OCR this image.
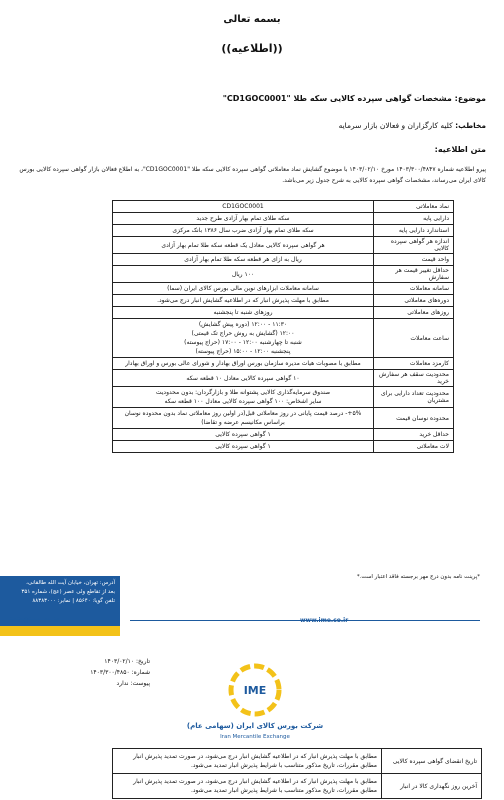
بسمه تعالی
((اطلاعیه))
موضوع: مشخصات گواهی سپرده کالایی سکه طلا "CD1GOC0001"
مخاطب: کلیه کارگزاران و فعالان بازار سرمایه
متن اطلاعیه:
پیرو اطلاعیه شماره ۱۴۰۳/۳۰۰/۴۸۴۷ مورخ ۱۴۰۳/۰۲/۱۰ با موضوع گشایش نماد معاملاتی گواهی سپرده کالایی سکه طلا "CD1GOC0001"، به اطلاع فعالان بازار گواهی سپرده کالایی بورس کالای ایران می‌رساند، مشخصات گواهی سپرده کالایی به شرح جدول زیر می‌باشد.
نماد معاملاتی	CD1GOC0001
دارایی پایه	سکه طلای تمام بهار آزادی طرح جدید
استاندارد دارایی پایه	سکه طلای تمام بهار آزادی ضرب سال ۱۳۸۶ بانک مرکزی
اندازه هر گواهی سپرده کالایی	هر گواهی سپرده کالایی معادل یک قطعه سکه طلا تمام بهار آزادی
واحد قیمت	ریال به ازای هر قطعه سکه طلا تمام بهار آزادی
حداقل تغییر قیمت هر سفارش	۱۰۰ ریال
سامانه معاملات	سامانه معاملات ابزارهای نوین مالی بورس کالای ایران (سما)
دوره‌های معاملاتی	مطابق با مهلت پذیرش انبار که در اطلاعیه گشایش انبار درج می‌شود.
روزهای معاملاتی	روزهای شنبه تا پنجشنبه
ساعت معاملات	۱۱:۳۰ - ۱۲:۰۰ (دوره پیش گشایش)
۱۲:۰۰ (گشایش به روش حراج تک قیمتی)
شنبه تا چهارشنبه ۱۲:۰۰ - ۱۷:۰۰ (حراج پیوسته)
پنجشنبه ۱۲:۰۰ - ۱۵:۰۰ (حراج پیوسته)
کارمزد معاملات	مطابق با مصوبات هیات مدیره سازمان بورس اوراق بهادار و شورای عالی بورس و اوراق بهادار
محدودیت سقف هر سفارش خرید	۱۰ گواهی سپرده کالایی معادل ۱۰ قطعه سکه
محدودیت تعداد دارایی برای مشتریان	صندوق سرمایه‌گذاری کالایی پشتوانه طلا و بازارگردان: بدون محدودیت
سایر اشخاص: ۱۰۰ گواهی سپرده کالایی معادل ۱۰۰ قطعه سکه
محدوده نوسان قیمت	۵%+- درصد قیمت پایانی در روز معاملاتی قبل(در اولین روز معاملاتی نماد بدون محدوده نوسان براساس مکانیسم عرضه و تقاضا)
حداقل خرید	۱ گواهی سپرده کالایی
لات معاملاتی	۱ گواهی سپرده کالایی
*پرینت نامه بدون درج مهر برجسته فاقد اعتبار است.*
آدرس: تهران، خیابان آیت الله طالقانی،
بعد از تقاطع ولی عصر (عج)، شماره ۳۵۱
تلفن گویا: ۸۵۶۴۰ | نمابر: ۸۸۳۸۳۰۰۰
info@ime.co.ir	www.ime.co.ir
تاریخ: ۱۴۰۳/۰۲/۱۰
شماره: ۱۴۰۳/۳۰۰/۴۸۵۰
پیوست: ندارد
IME
شرکت بورس کالای ایران (سهامی عام)
Iran Mercantile Exchange
تاریخ انقضای گواهی سپرده کالایی	مطابق با مهلت پذیرش انبار که در اطلاعیه گشایش انبار درج می‌شود، در صورت تمدید پذیرش انبار مطابق مقررات، تاریخ مذکور متناسب با شرایط پذیرش انبار تمدید می‌شود.
آخرین روز نگهداری کالا در انبار	مطابق با مهلت پذیرش انبار که در اطلاعیه گشایش انبار درج می‌شود، در صورت تمدید پذیرش انبار مطابق مقررات، تاریخ مذکور متناسب با شرایط پذیرش انبار تمدید می‌شود.
